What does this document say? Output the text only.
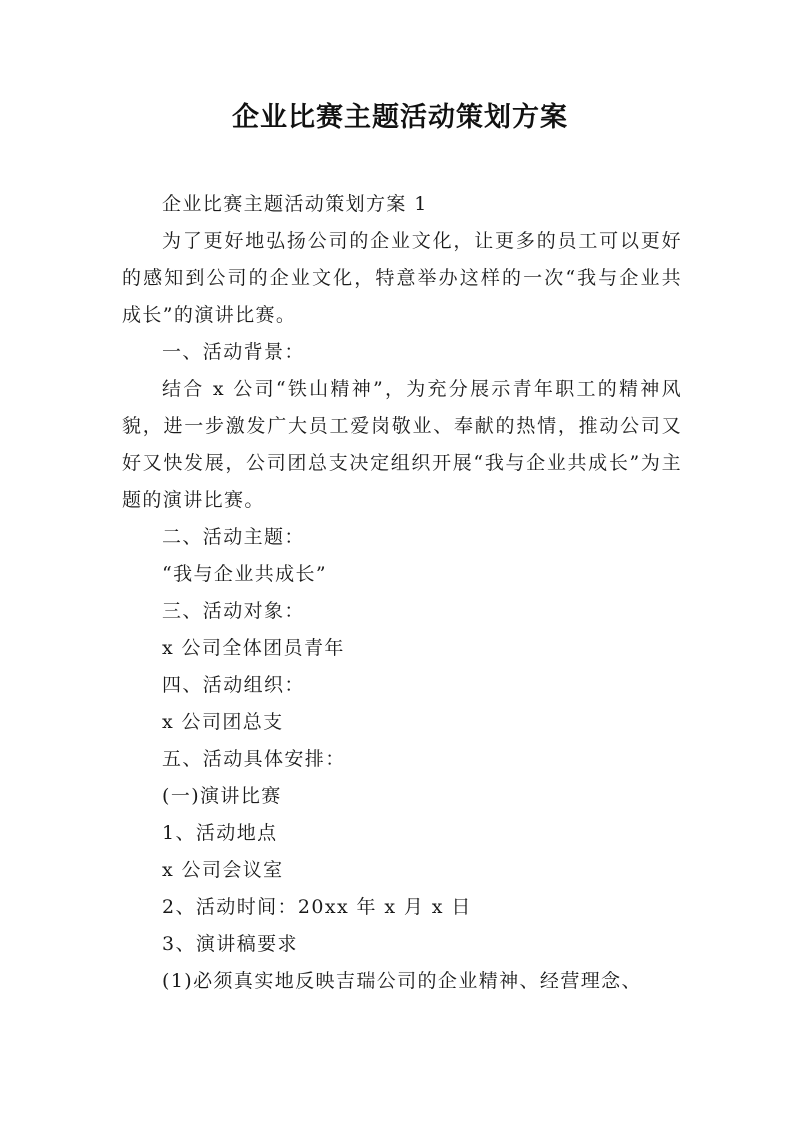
企业比赛主题活动策划方案

企业比赛主题活动策划方案 1

为了更好地弘扬公司的企业文化，让更多的员工可以更好的感知到公司的企业文化，特意举办这样的一次“我与企业共成长”的演讲比赛。

一、活动背景：

结合 x 公司“铁山精神”，为充分展示青年职工的精神风貌，进一步激发广大员工爱岗敬业、奉献的热情，推动公司又好又快发展，公司团总支决定组织开展“我与企业共成长”为主题的演讲比赛。

二、活动主题：

“我与企业共成长”

三、活动对象：

x 公司全体团员青年

四、活动组织：

x 公司团总支

五、活动具体安排：

(一)演讲比赛

1、活动地点

x 公司会议室

2、活动时间：20xx 年 x 月 x 日

3、演讲稿要求

(1)必须真实地反映吉瑞公司的企业精神、经营理念、
